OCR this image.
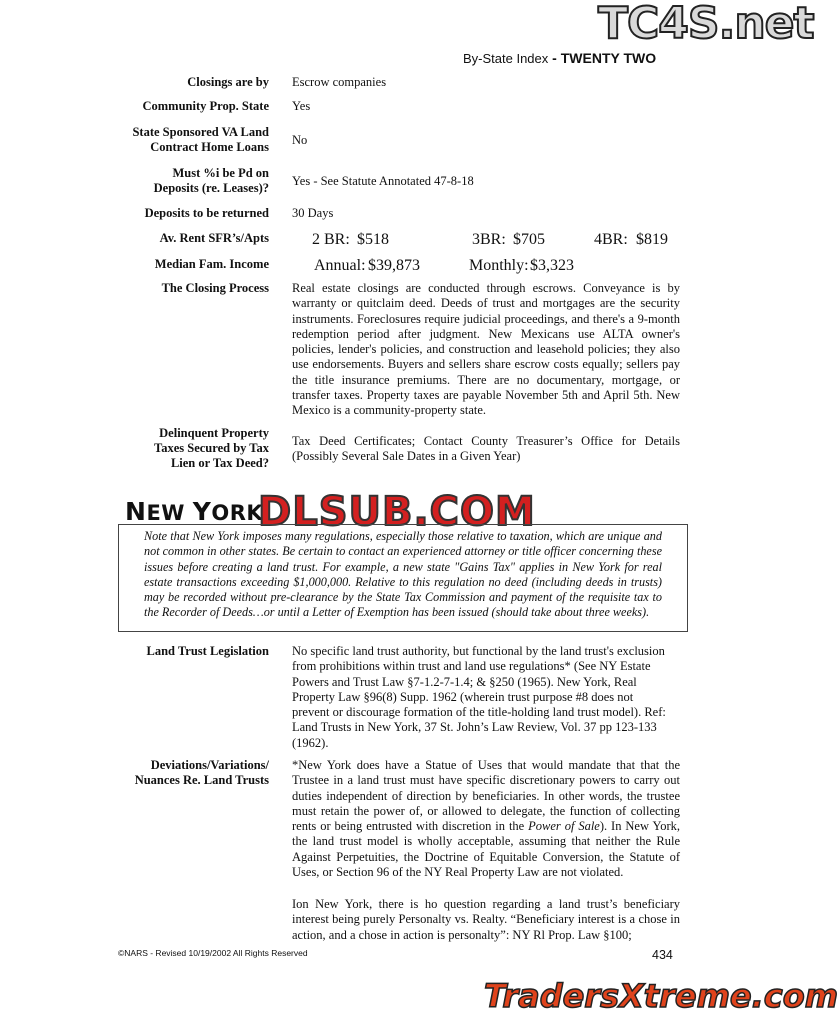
TC4S.net
By-State Index - TWENTY TWO
Closings are by Escrow companies
Community Prop. State Yes
State Sponsored VA Land
Contract Home Loans No
Must %i be Pd on
Deposits (re. Leases)? Yes - See Statute Annotated 47-8-18
Deposits to be returned 30 Days
Av. Rent SFR’s/Apts	2 BR: $518	3BR: $705	4BR: $819
Median Fam. Income	Annual: $39,873	Monthly: $3,323
The Closing Process Real estate closings are conducted through escrows. Conveyance is by warranty or quitclaim deed. Deeds of trust and mortgages are the security instruments. Foreclosures require judicial proceedings, and there's a 9-month redemption period after judgment. New Mexicans use ALTA owner's policies, lender's policies, and construction and leasehold policies; they also use endorsements. Buyers and sellers share escrow costs equally; sellers pay the title insurance premiums. There are no documentary, mortgage, or transfer taxes. Property taxes are payable November 5th and April 5th. New Mexico is a community-property state.
Delinquent Property
Taxes Secured by Tax
Lien or Tax Deed?
Tax Deed Certificates; Contact County Treasurer’s Office for Details (Possibly Several Sale Dates in a Given Year)
NEW YORK
DLSUB.COM

Note that New York imposes many regulations, especially those relative to taxation, which are unique and not common in other states. Be certain to contact an experienced attorney or title officer concerning these issues before creating a land trust. For example, a new state "Gains Tax" applies in New York for real estate transactions exceeding $1,000,000. Relative to this regulation no deed (including deeds in trusts) may be recorded without pre-clearance by the State Tax Commission and payment of the requisite tax to the Recorder of Deeds…or until a Letter of Exemption has been issued (should take about three weeks).

Land Trust Legislation No specific land trust authority, but functional by the land trust's exclusion from prohibitions within trust and land use regulations* (See NY Estate Powers and Trust Law §7-1.2-7-1.4; & §250 (1965). New York, Real Property Law §96(8) Supp. 1962 (wherein trust purpose #8 does not prevent or discourage formation of the title-holding land trust model). Ref: Land Trusts in New York, 37 St. John’s Law Review, Vol. 37 pp 123-133 (1962).
Deviations/Variations/
Nuances Re. Land Trusts
*New York does have a Statue of Uses that would mandate that that the Trustee in a land trust must have specific discretionary powers to carry out duties independent of direction by beneficiaries. In other words, the trustee must retain the power of, or allowed to delegate, the function of collecting rents or being entrusted with discretion in the Power of Sale). In New York, the land trust model is wholly acceptable, assuming that neither the Rule Against Perpetuities, the Doctrine of Equitable Conversion, the Statute of Uses, or Section 96 of the NY Real Property Law are not violated.
Ion New York, there is ho question regarding a land trust’s beneficiary interest being purely Personalty vs. Realty. “Beneficiary interest is a chose in action, and a chose in action is personalty”: NY Rl Prop. Law §100;
©NARS - Revised 10/19/2002 All Rights Reserved	434
TradersXtreme.com
